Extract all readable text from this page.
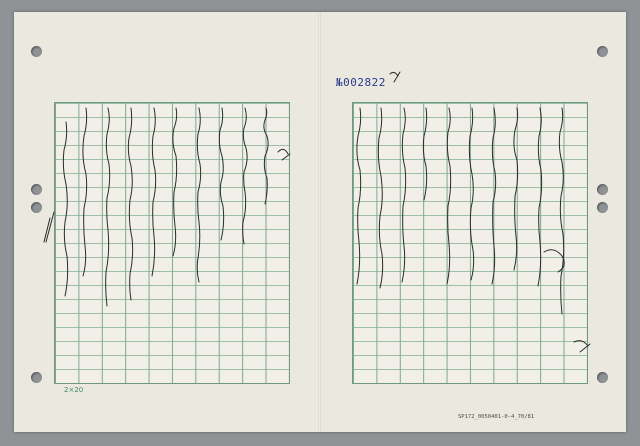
№002822
2×20
SP172_0050401-0-4_70/81
